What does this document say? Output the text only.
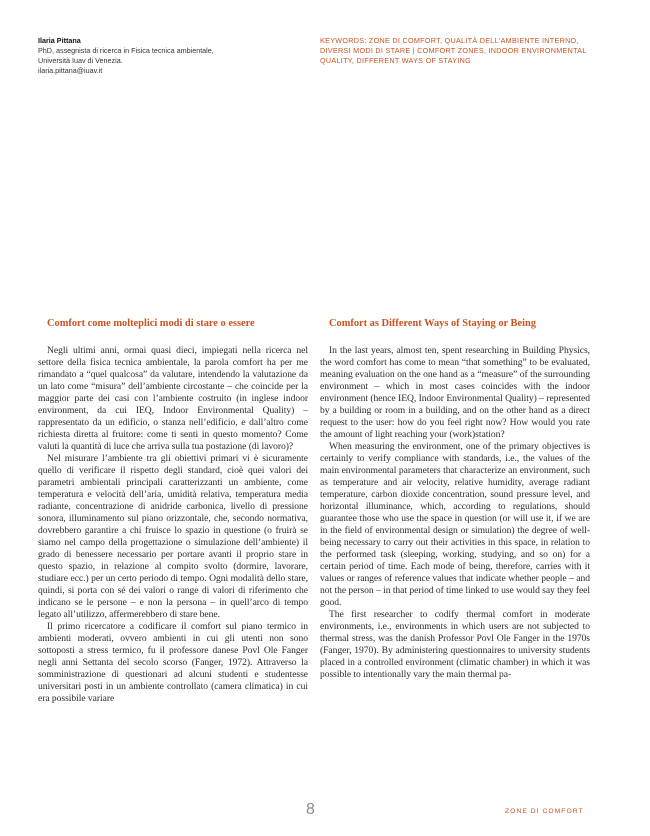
Ilaria Pittana
PhD, assegnista di ricerca in Fisica tecnica ambientale,
Università Iuav di Venezia.
ilaria.pittana@iuav.it
KEYWORDS: ZONE DI COMFORT, QUALITÀ DELL'AMBIENTE INTERNO, DIVERSI MODI DI STARE | COMFORT ZONES, INDOOR ENVIRONMENTAL QUALITY, DIFFERENT WAYS OF STAYING
Comfort come molteplici modi di stare o essere

Negli ultimi anni, ormai quasi dieci, impiegati nella ricerca nel settore della fisica tecnica ambientale, la parola comfort ha per me rimandato a “quel qualcosa” da valutare, intendendo la valutazione da un lato come “misura” dell’ambiente circostante – che coincide per la maggior parte dei casi con l’ambiente costruito (in inglese indoor environment, da cui IEQ, Indoor Environmental Quality) – rappresentato da un edificio, o stanza nell’edificio, e dall’altro come richiesta diretta al fruitore: come ti senti in questo momento? Come valuti la quantità di luce che arriva sulla tua postazione (di lavoro)?

Nel misurare l’ambiente tra gli obiettivi primari vi è sicuramente quello di verificare il rispetto degli standard, cioè quei valori dei parametri ambientali principali caratterizzanti un ambiente, come temperatura e velocità dell’aria, umidità relativa, temperatura media radiante, concentrazione di anidride carbonica, livello di pressione sonora, illuminamento sul piano orizzontale, che, secondo normativa, dovrebbero garantire a chi fruisce lo spazio in questione (o fruirà se siamo nel campo della progettazione o simulazione dell’ambiente) il grado di benessere necessario per portare avanti il proprio stare in questo spazio, in relazione al compito svolto (dormire, lavorare, studiare ecc.) per un certo periodo di tempo. Ogni modalità dello stare, quindi, si porta con sé dei valori o range di valori di riferimento che indicano se le persone – e non la persona – in quell’arco di tempo legato all’utilizzo, affermerebbero di stare bene.

Il primo ricercatore a codificare il comfort sul piano termico in ambienti moderati, ovvero ambienti in cui gli utenti non sono sottoposti a stress termico, fu il professore danese Povl Ole Fanger negli anni Settanta del secolo scorso (Fanger, 1972). Attraverso la somministrazione di questionari ad alcuni studenti e studentesse universitari posti in un ambiente controllato (camera climatica) in cui era possibile variare

Comfort as Different Ways of Staying or Being

In the last years, almost ten, spent researching in Building Physics, the word comfort has come to mean “that something” to be evaluated, meaning evaluation on the one hand as a “measure” of the surrounding environment – which in most cases coincides with the indoor environment (hence IEQ, Indoor Environmental Quality) – represented by a building or room in a building, and on the other hand as a direct request to the user: how do you feel right now? How would you rate the amount of light reaching your (work)station?

When measuring the environment, one of the primary objectives is certainly to verify compliance with standards, i.e., the values of the main environmental parameters that characterize an environment, such as temperature and air velocity, relative humidity, average radiant temperature, carbon dioxide concentration, sound pressure level, and horizontal illuminance, which, according to regulations, should guarantee those who use the space in question (or will use it, if we are in the field of environmental design or simulation) the degree of well-being necessary to carry out their activities in this space, in relation to the performed task (sleeping, working, studying, and so on) for a certain period of time. Each mode of being, therefore, carries with it values or ranges of reference values that indicate whether people – and not the person – in that period of time linked to use would say they feel good.

The first researcher to codify thermal comfort in moderate environments, i.e., environments in which users are not subjected to thermal stress, was the danish Professor Povl Ole Fanger in the 1970s (Fanger, 1970). By administering questionnaires to university students placed in a controlled environment (climatic chamber) in which it was possible to intentionally vary the main thermal pa-

8	ZONE DI COMFORT
